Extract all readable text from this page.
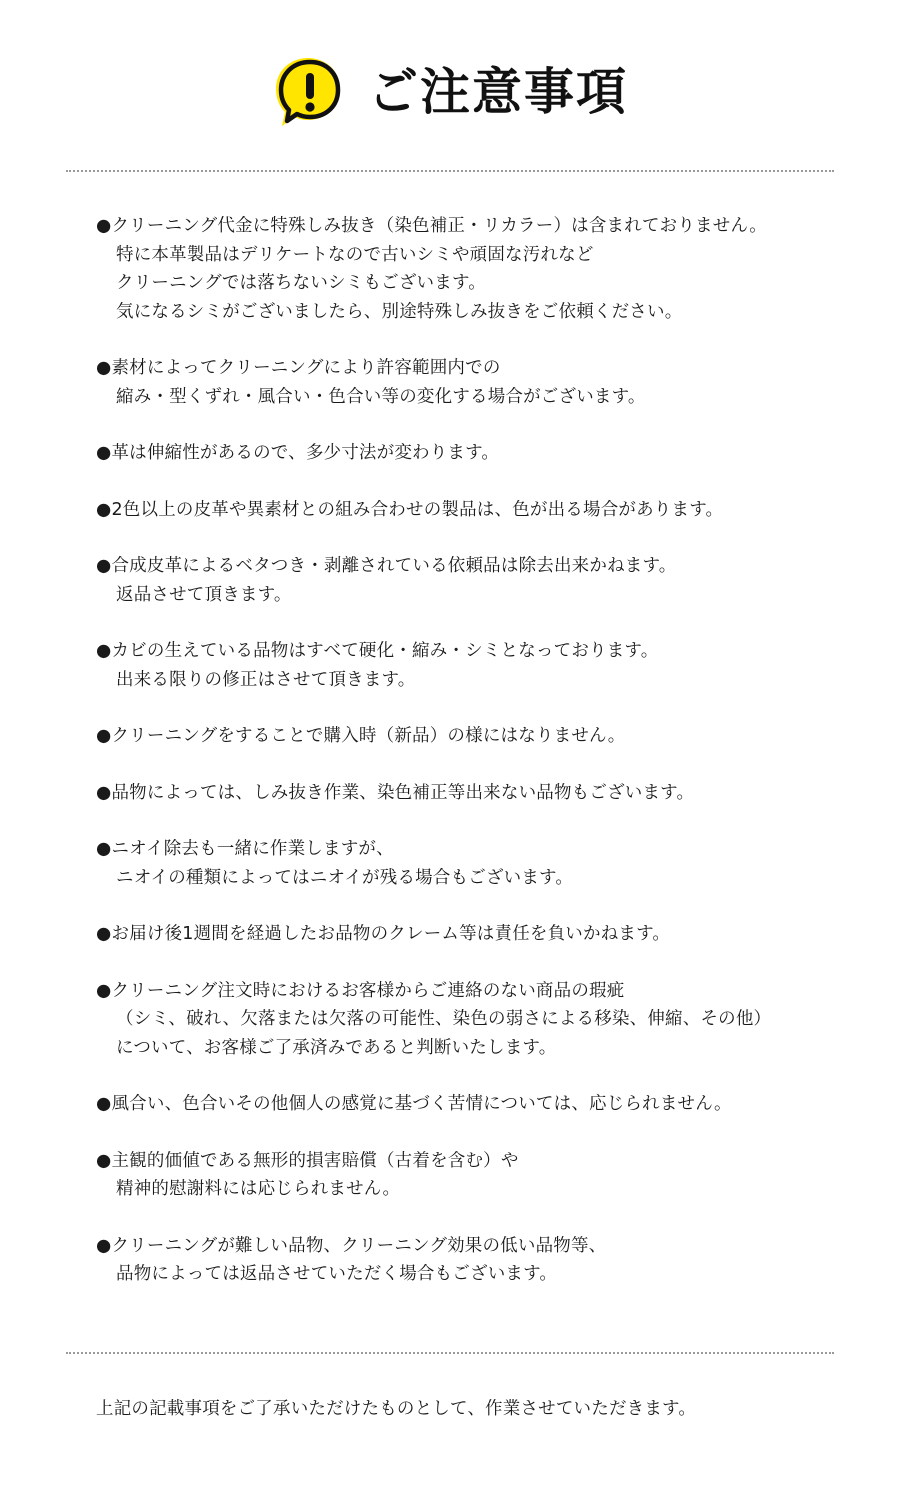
ご注意事項
●クリーニング代金に特殊しみ抜き（染色補正・リカラー）は含まれておりません。
特に本革製品はデリケートなので古いシミや頑固な汚れなど
クリーニングでは落ちないシミもございます。
気になるシミがございましたら、別途特殊しみ抜きをご依頼ください。
●素材によってクリーニングにより許容範囲内での
縮み・型くずれ・風合い・色合い等の変化する場合がございます。
●革は伸縮性があるので、多少寸法が変わります。
●2色以上の皮革や異素材との組み合わせの製品は、色が出る場合があります。
●合成皮革によるベタつき・剥離されている依頼品は除去出来かねます。
返品させて頂きます。
●カビの生えている品物はすべて硬化・縮み・シミとなっております。
出来る限りの修正はさせて頂きます。
●クリーニングをすることで購入時（新品）の様にはなりません。
●品物によっては、しみ抜き作業、染色補正等出来ない品物もございます。
●ニオイ除去も一緒に作業しますが、
ニオイの種類によってはニオイが残る場合もございます。
●お届け後1週間を経過したお品物のクレーム等は責任を負いかねます。
●クリーニング注文時におけるお客様からご連絡のない商品の瑕疵
（シミ、破れ、欠落または欠落の可能性、染色の弱さによる移染、伸縮、その他）
について、お客様ご了承済みであると判断いたします。
●風合い、色合いその他個人の感覚に基づく苦情については、応じられません。
●主観的価値である無形的損害賠償（古着を含む）や
精神的慰謝料には応じられません。
●クリーニングが難しい品物、クリーニング効果の低い品物等、
品物によっては返品させていただく場合もございます。
上記の記載事項をご了承いただけたものとして、作業させていただきます。
